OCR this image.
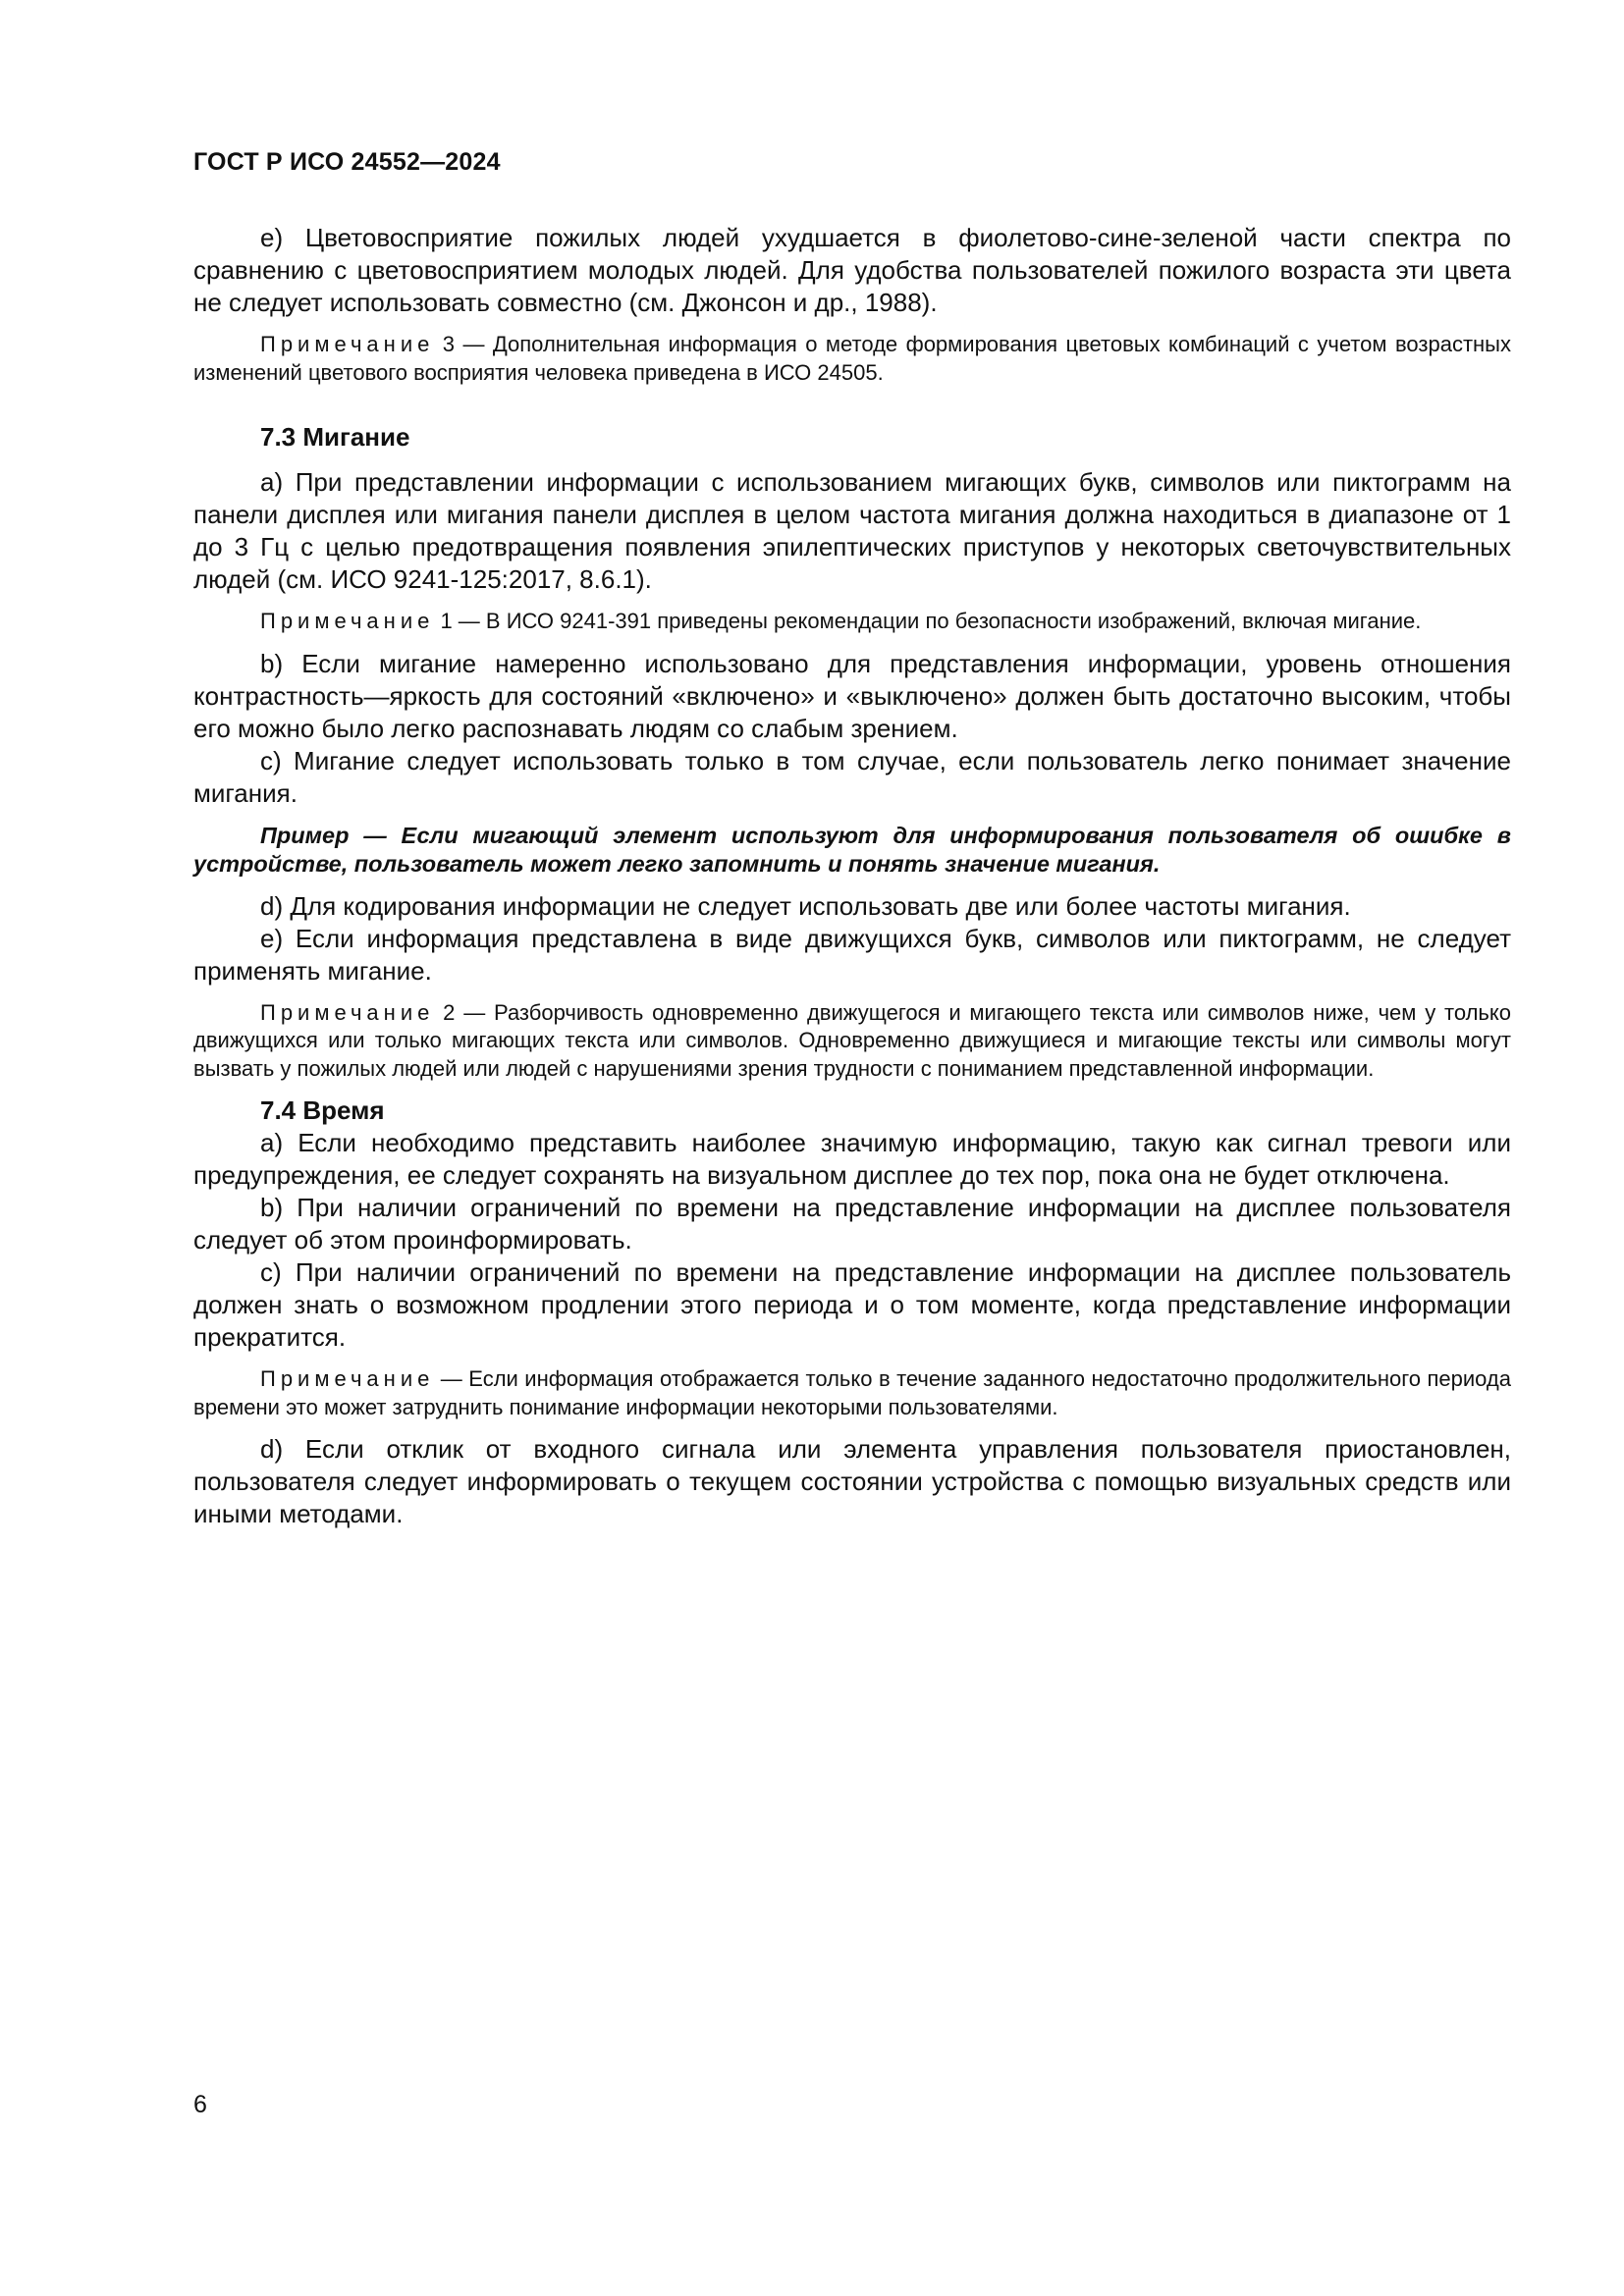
ГОСТ Р ИСО 24552—2024

e) Цветовосприятие пожилых людей ухудшается в фиолетово-сине-зеленой части спектра по сравнению с цветовосприятием молодых людей. Для удобства пользователей пожилого возраста эти цвета не следует использовать совместно (см. Джонсон и др., 1988).

Примечание 3 — Дополнительная информация о методе формирования цветовых комбинаций с учетом возрастных изменений цветового восприятия человека приведена в ИСО 24505.

7.3 Мигание

a) При представлении информации с использованием мигающих букв, символов или пиктограмм на панели дисплея или мигания панели дисплея в целом частота мигания должна находиться в диапазоне от 1 до 3 Гц с целью предотвращения появления эпилептических приступов у некоторых светочувствительных людей (см. ИСО 9241-125:2017, 8.6.1).

Примечание 1 — В ИСО 9241-391 приведены рекомендации по безопасности изображений, включая мигание.

b) Если мигание намеренно использовано для представления информации, уровень отношения контрастность—яркость для состояний «включено» и «выключено» должен быть достаточно высоким, чтобы его можно было легко распознавать людям со слабым зрением.

c) Мигание следует использовать только в том случае, если пользователь легко понимает значение мигания.

Пример — Если мигающий элемент используют для информирования пользователя об ошибке в устройстве, пользователь может легко запомнить и понять значение мигания.

d) Для кодирования информации не следует использовать две или более частоты мигания.

e) Если информация представлена в виде движущихся букв, символов или пиктограмм, не следует применять мигание.

Примечание 2 — Разборчивость одновременно движущегося и мигающего текста или символов ниже, чем у только движущихся или только мигающих текста или символов. Одновременно движущиеся и мигающие тексты или символы могут вызвать у пожилых людей или людей с нарушениями зрения трудности с пониманием представленной информации.

7.4 Время

a) Если необходимо представить наиболее значимую информацию, такую как сигнал тревоги или предупреждения, ее следует сохранять на визуальном дисплее до тех пор, пока она не будет отключена.

b) При наличии ограничений по времени на представление информации на дисплее пользователя следует об этом проинформировать.

c) При наличии ограничений по времени на представление информации на дисплее пользователь должен знать о возможном продлении этого периода и о том моменте, когда представление информации прекратится.

Примечание — Если информация отображается только в течение заданного недостаточно продолжительного периода времени это может затруднить понимание информации некоторыми пользователями.

d) Если отклик от входного сигнала или элемента управления пользователя приостановлен, пользователя следует информировать о текущем состоянии устройства с помощью визуальных средств или иными методами.

6
